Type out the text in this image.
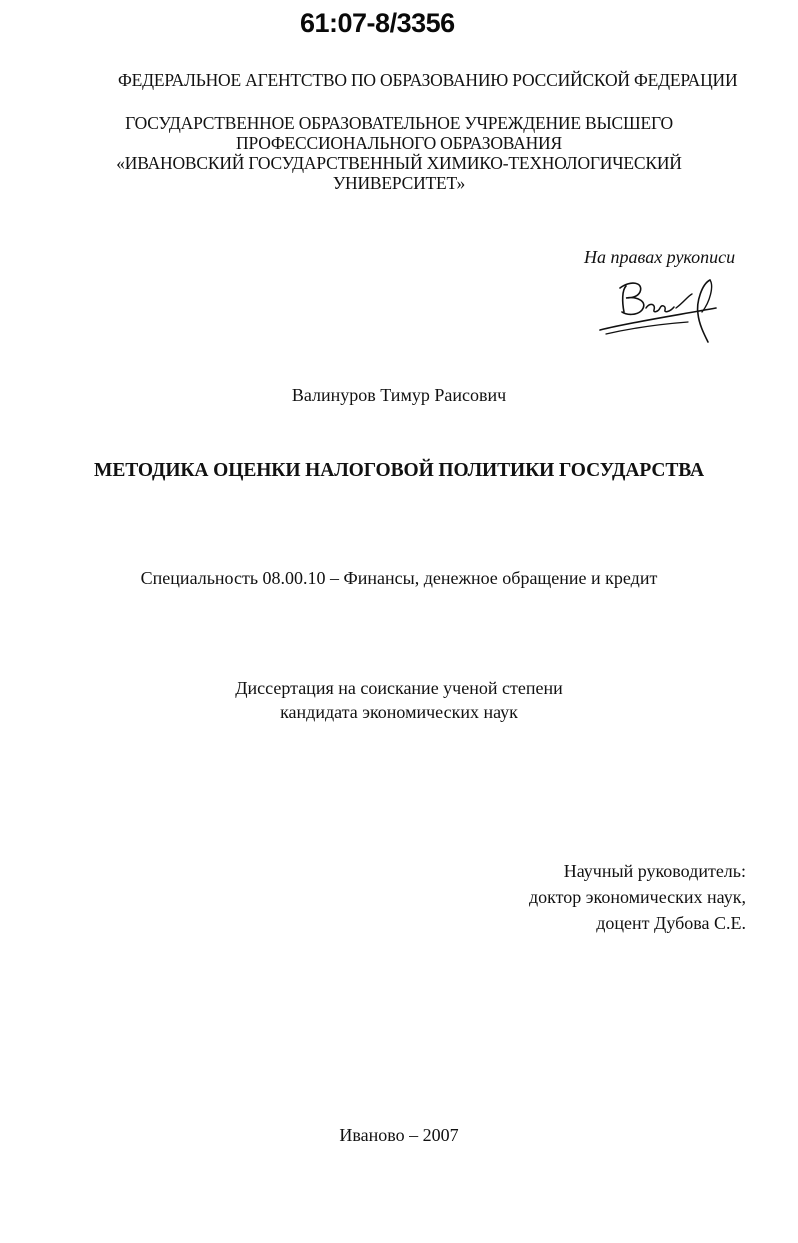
61:07-8/3356
ФЕДЕРАЛЬНОЕ АГЕНТСТВО ПО ОБРАЗОВАНИЮ РОССИЙСКОЙ ФЕДЕРАЦИИ
ГОСУДАРСТВЕННОЕ ОБРАЗОВАТЕЛЬНОЕ УЧРЕЖДЕНИЕ ВЫСШЕГО
ПРОФЕССИОНАЛЬНОГО ОБРАЗОВАНИЯ
«ИВАНОВСКИЙ ГОСУДАРСТВЕННЫЙ ХИМИКО-ТЕХНОЛОГИЧЕСКИЙ
УНИВЕРСИТЕТ»
На правах рукописи
Валинуров Тимур Раисович
МЕТОДИКА ОЦЕНКИ НАЛОГОВОЙ ПОЛИТИКИ ГОСУДАРСТВА
Специальность 08.00.10 – Финансы, денежное обращение и кредит
Диссертация на соискание ученой степени
кандидата экономических наук
Научный руководитель:
доктор экономических наук,
доцент Дубова С.Е.
Иваново – 2007
